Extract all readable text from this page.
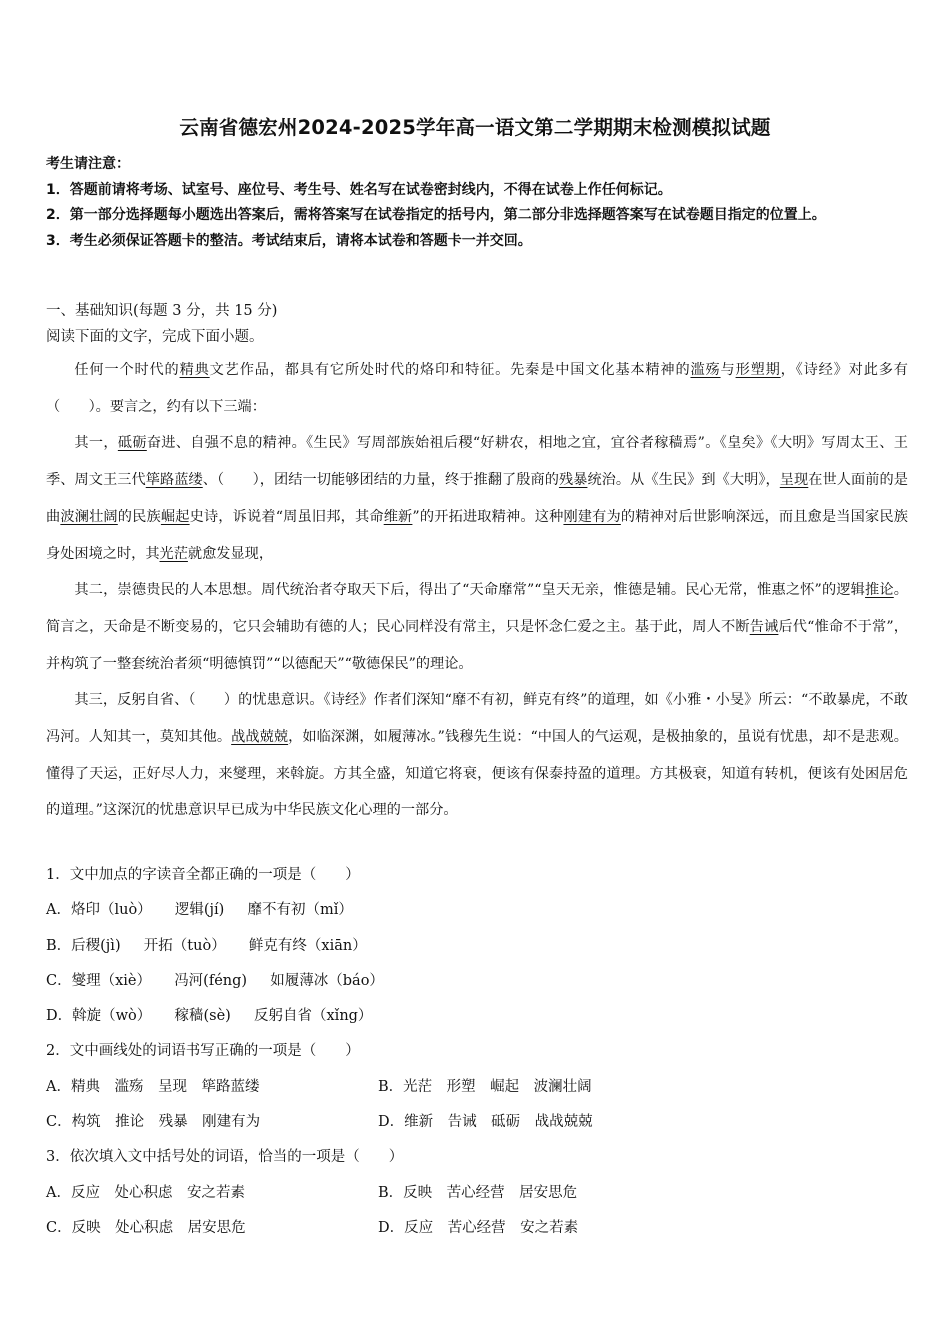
云南省德宏州2024-2025学年高一语文第二学期期末检测模拟试题

考生请注意：

1．答题前请将考场、试室号、座位号、考生号、姓名写在试卷密封线内，不得在试卷上作任何标记。

2．第一部分选择题每小题选出答案后，需将答案写在试卷指定的括号内，第二部分非选择题答案写在试卷题目指定的位置上。

3．考生必须保证答题卡的整洁。考试结束后，请将本试卷和答题卡一并交回。

一、基础知识(每题 3 分，共 15 分)

阅读下面的文字，完成下面小题。

任何一个时代的精典文艺作品，都具有它所处时代的烙印和特征。先秦是中国文化基本精神的滥殇与形塑期，《诗经》对此多有（　　）。要言之，约有以下三端：

其一，砥砺奋进、自强不息的精神。《生民》写周部族始祖后稷“好耕农，相地之宜，宜谷者稼穑焉”。《皇矣》《大明》写周太王、王季、周文王三代筚路蓝缕、（　　），团结一切能够团结的力量，终于推翻了殷商的残暴统治。从《生民》到《大明》，呈现在世人面前的是曲波澜壮阔的民族崛起史诗，诉说着“周虽旧邦，其命维新”的开拓进取精神。这种刚建有为的精神对后世影响深远，而且愈是当国家民族身处困境之时，其光茫就愈发显现，

其二，崇德贵民的人本思想。周代统治者夺取天下后，得出了“天命靡常”“皇天无亲，惟德是辅。民心无常，惟惠之怀”的逻辑推论。简言之，天命是不断变易的，它只会辅助有德的人；民心同样没有常主，只是怀念仁爱之主。基于此，周人不断告诫后代“惟命不于常”，并构筑了一整套统治者须“明德慎罚”“以德配天”“敬德保民”的理论。

其三，反躬自省、（　　）的忧患意识。《诗经》作者们深知“靡不有初，鲜克有终”的道理，如《小雅・小旻》所云：“不敢暴虎，不敢冯河。人知其一，莫知其他。战战兢兢，如临深渊，如履薄冰。”钱穆先生说：“中国人的气运观，是极抽象的，虽说有忧患，却不是悲观。懂得了天运，正好尽人力，来燮理，来斡旋。方其全盛，知道它将衰，便该有保泰持盈的道理。方其极衰，知道有转机，便该有处困居危的道理。”这深沉的忧患意识早已成为中华民族文化心理的一部分。

1．文中加点的字读音全都正确的一项是（　　）
A．烙印（luò） 逻辑(jí) 靡不有初（mǐ）
B．后稷(jì) 开拓（tuò） 鲜克有终（xiān）
C．燮理（xiè） 冯河(féng) 如履薄冰（báo）
D．斡旋（wò） 稼穑(sè) 反躬自省（xǐng）
2．文中画线处的词语书写正确的一项是（　　）
A．精典　滥殇　呈现　筚路蓝缕	B．光茫　形塑　崛起　波澜壮阔
C．构筑　推论　残暴　刚建有为	D．维新　告诫　砥砺　战战兢兢
3．依次填入文中括号处的词语，恰当的一项是（　　）
A．反应　处心积虑　安之若素	B．反映　苦心经营　居安思危
C．反映　处心积虑　居安思危	D．反应　苦心经营　安之若素
